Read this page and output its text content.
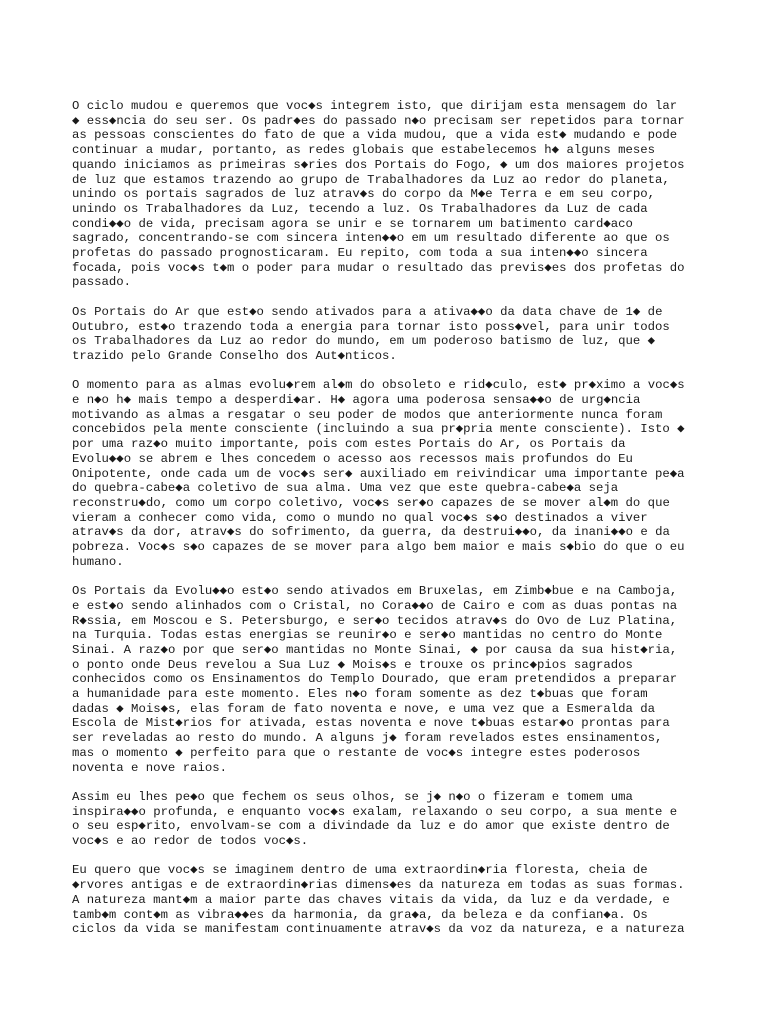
O ciclo mudou e queremos que voc◆s integrem isto, que dirijam esta mensagem do lar
◆ ess◆ncia do seu ser. Os padr◆es do passado n◆o precisam ser repetidos para tornar
as pessoas conscientes do fato de que a vida mudou, que a vida est◆ mudando e pode
continuar a mudar, portanto, as redes globais que estabelecemos h◆ alguns meses
quando iniciamos as primeiras s◆ries dos Portais do Fogo, ◆ um dos maiores projetos
de luz que estamos trazendo ao grupo de Trabalhadores da Luz ao redor do planeta,
unindo os portais sagrados de luz atrav◆s do corpo da M◆e Terra e em seu corpo,
unindo os Trabalhadores da Luz, tecendo a luz. Os Trabalhadores da Luz de cada
condi◆◆o de vida, precisam agora se unir e se tornarem um batimento card◆aco
sagrado, concentrando-se com sincera inten◆◆o em um resultado diferente ao que os
profetas do passado prognosticaram. Eu repito, com toda a sua inten◆◆o sincera
focada, pois voc◆s t◆m o poder para mudar o resultado das previs◆es dos profetas do
passado.

Os Portais do Ar que est◆o sendo ativados para a ativa◆◆o da data chave de 1◆ de
Outubro, est◆o trazendo toda a energia para tornar isto poss◆vel, para unir todos
os Trabalhadores da Luz ao redor do mundo, em um poderoso batismo de luz, que ◆
trazido pelo Grande Conselho dos Aut◆nticos.

O momento para as almas evolu◆rem al◆m do obsoleto e rid◆culo, est◆ pr◆ximo a voc◆s
e n◆o h◆ mais tempo a desperdi◆ar. H◆ agora uma poderosa sensa◆◆o de urg◆ncia
motivando as almas a resgatar o seu poder de modos que anteriormente nunca foram
concebidos pela mente consciente (incluindo a sua pr◆pria mente consciente). Isto ◆
por uma raz◆o muito importante, pois com estes Portais do Ar, os Portais da
Evolu◆◆o se abrem e lhes concedem o acesso aos recessos mais profundos do Eu
Onipotente, onde cada um de voc◆s ser◆ auxiliado em reivindicar uma importante pe◆a
do quebra-cabe◆a coletivo de sua alma. Uma vez que este quebra-cabe◆a seja
reconstru◆do, como um corpo coletivo, voc◆s ser◆o capazes de se mover al◆m do que
vieram a conhecer como vida, como o mundo no qual voc◆s s◆o destinados a viver
atrav◆s da dor, atrav◆s do sofrimento, da guerra, da destrui◆◆o, da inani◆◆o e da
pobreza. Voc◆s s◆o capazes de se mover para algo bem maior e mais s◆bio do que o eu
humano.

Os Portais da Evolu◆◆o est◆o sendo ativados em Bruxelas, em Zimb◆bue e na Camboja,
e est◆o sendo alinhados com o Cristal, no Cora◆◆o de Cairo e com as duas pontas na
R◆ssia, em Moscou e S. Petersburgo, e ser◆o tecidos atrav◆s do Ovo de Luz Platina,
na Turquia. Todas estas energias se reunir◆o e ser◆o mantidas no centro do Monte
Sinai. A raz◆o por que ser◆o mantidas no Monte Sinai, ◆ por causa da sua hist◆ria,
o ponto onde Deus revelou a Sua Luz ◆ Mois◆s e trouxe os princ◆pios sagrados
conhecidos como os Ensinamentos do Templo Dourado, que eram pretendidos a preparar
a humanidade para este momento. Eles n◆o foram somente as dez t◆buas que foram
dadas ◆ Mois◆s, elas foram de fato noventa e nove, e uma vez que a Esmeralda da
Escola de Mist◆rios for ativada, estas noventa e nove t◆buas estar◆o prontas para
ser reveladas ao resto do mundo. A alguns j◆ foram revelados estes ensinamentos,
mas o momento ◆ perfeito para que o restante de voc◆s integre estes poderosos
noventa e nove raios.

Assim eu lhes pe◆o que fechem os seus olhos, se j◆ n◆o o fizeram e tomem uma
inspira◆◆o profunda, e enquanto voc◆s exalam, relaxando o seu corpo, a sua mente e
o seu esp◆rito, envolvam-se com a divindade da luz e do amor que existe dentro de
voc◆s e ao redor de todos voc◆s.

Eu quero que voc◆s se imaginem dentro de uma extraordin◆ria floresta, cheia de
◆rvores antigas e de extraordin◆rias dimens◆es da natureza em todas as suas formas.
A natureza mant◆m a maior parte das chaves vitais da vida, da luz e da verdade, e
tamb◆m cont◆m as vibra◆◆es da harmonia, da gra◆a, da beleza e da confian◆a. Os
ciclos da vida se manifestam continuamente atrav◆s da voz da natureza, e a natureza
